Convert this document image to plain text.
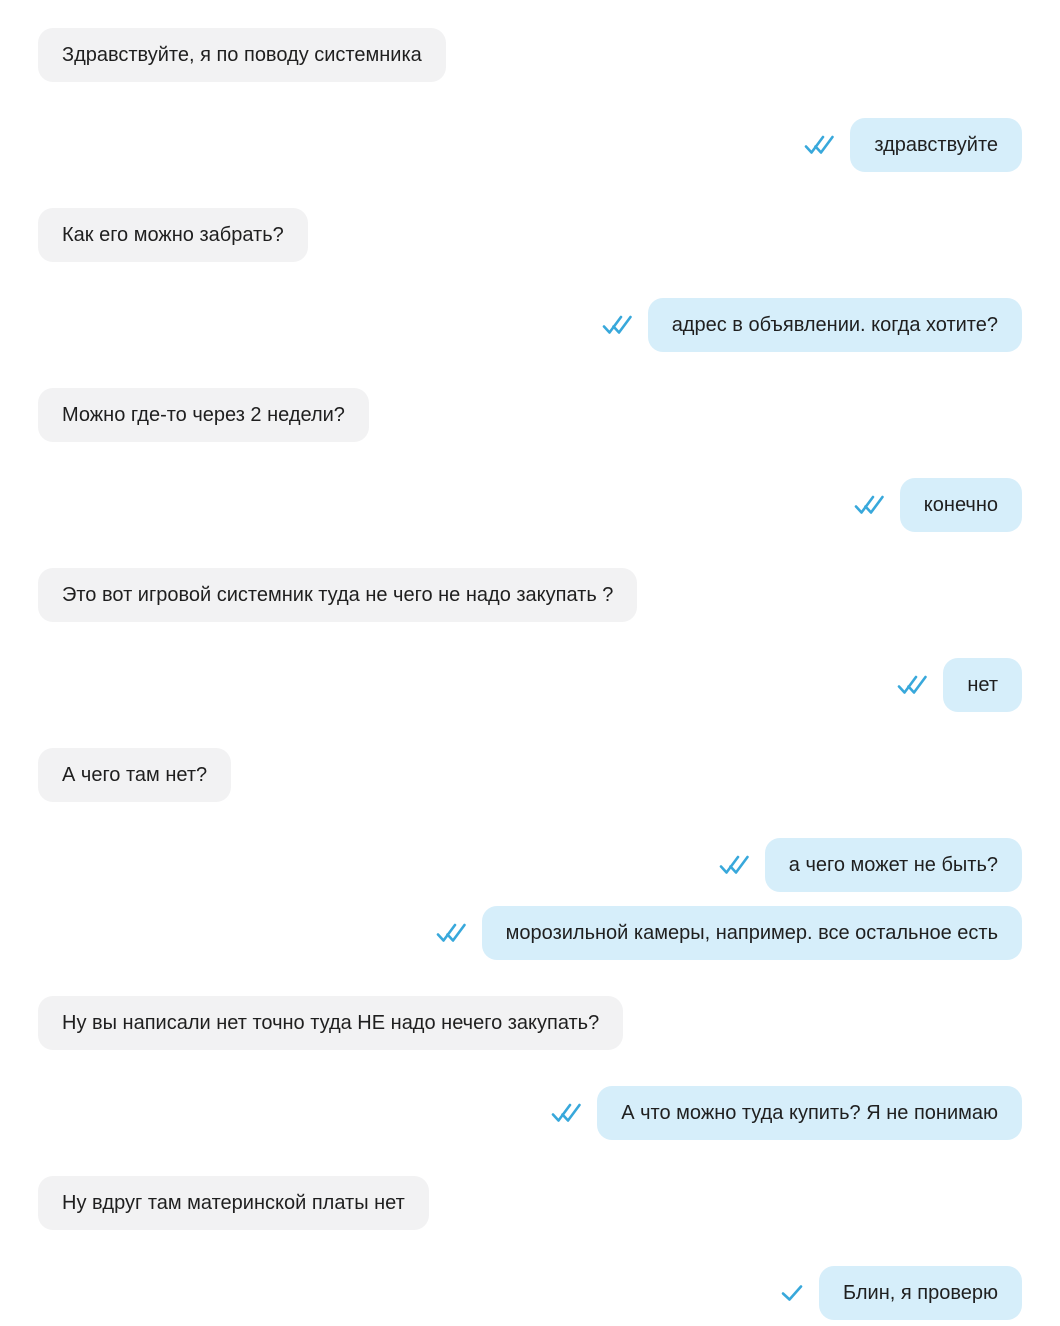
Здравствуйте, я по поводу системника
здравствуйте
Как его можно забрать?
адрес в объявлении. когда хотите?
Можно где-то через 2 недели?
конечно
Это вот игровой системник туда не чего не надо закупать ?
нет
А чего там нет?
а чего может не быть?
морозильной камеры, например. все остальное есть
Ну вы написали нет точно туда НЕ надо нечего закупать?
А что можно туда купить? Я не понимаю
Ну вдруг там материнской платы нет
Блин, я проверю
